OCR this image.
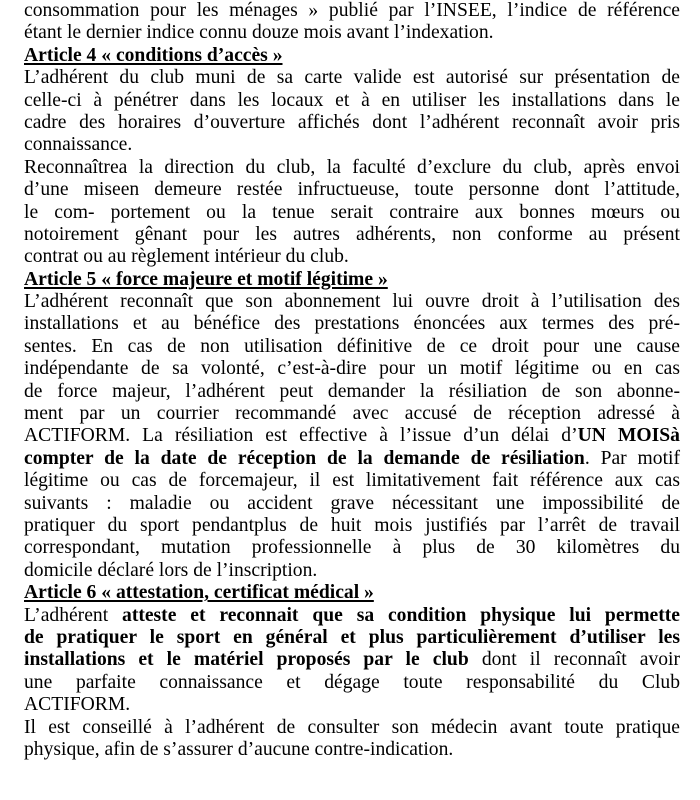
consommation pour les ménages » publié par l’INSEE, l’indice de référence
étant le dernier indice connu douze mois avant l’indexation.
Article 4 « conditions d’accès »
L’adhérent du club muni de sa carte valide est autorisé sur présentation de
celle-ci à pénétrer dans les locaux et à en utiliser les installations dans le
cadre des horaires d’ouverture affichés dont l’adhérent reconnaît avoir pris
connaissance.
Reconnaîtrea la direction du club, la faculté d’exclure du club, après envoi
d’une miseen demeure restée infructueuse, toute personne dont l’attitude,
le com- portement ou la tenue serait contraire aux bonnes mœurs ou
notoirement gênant pour les autres adhérents, non conforme au présent
contrat ou au règlement intérieur du club.
Article 5 « force majeure et motif légitime »
L’adhérent reconnaît que son abonnement lui ouvre droit à l’utilisation des
installations et au bénéfice des prestations énoncées aux termes des pré-
sentes. En cas de non utilisation définitive de ce droit pour une cause
indépendante de sa volonté, c’est-à-dire pour un motif légitime ou en cas
de force majeur, l’adhérent peut demander la résiliation de son abonne-
ment par un courrier recommandé avec accusé de réception adressé à
ACTIFORM. La résiliation est effective à l’issue d’un délai d’UN MOISà
compter de la date de réception de la demande de résiliation. Par motif
légitime ou cas de forcemajeur, il est limitativement fait référence aux cas
suivants : maladie ou accident grave nécessitant une impossibilité de
pratiquer du sport pendantplus de huit mois justifiés par l’arrêt de travail
correspondant, mutation professionnelle à plus de 30 kilomètres du
domicile déclaré lors de l’inscription.
Article 6 « attestation, certificat médical »
L’adhérent atteste et reconnait que sa condition physique lui permette
de pratiquer le sport en général et plus particulièrement d’utiliser les
installations et le matériel proposés par le club dont il reconnaît avoir
une parfaite connaissance et dégage toute responsabilité du Club
ACTIFORM.
Il est conseillé à l’adhérent de consulter son médecin avant toute pratique
physique, afin de s’assurer d’aucune contre-indication.
